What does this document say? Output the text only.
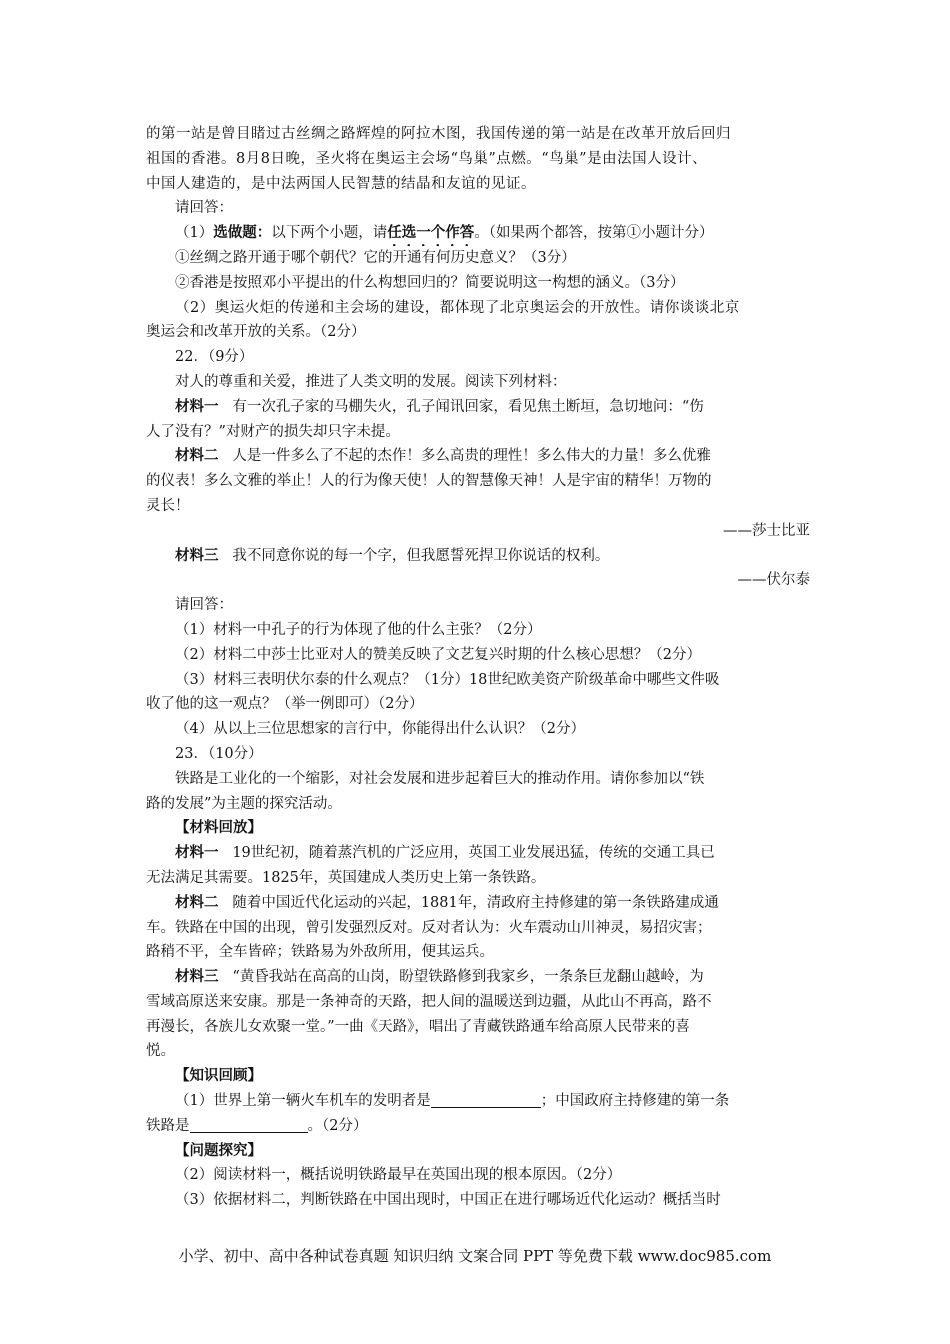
的第一站是曾目睹过古丝绸之路辉煌的阿拉木图，我国传递的第一站是在改革开放后回归
祖国的香港。8月8日晚，圣火将在奥运主会场“鸟巢”点燃。“鸟巢”是由法国人设计、
中国人建造的，是中法两国人民智慧的结晶和友谊的见证。
请回答：
（1）选做题：以下两个小题，请任选一个作答。（如果两个都答，按第①小题计分）
①丝绸之路开通于哪个朝代？它的开通有何历史意义？（3分）
②香港是按照邓小平提出的什么构想回归的？简要说明这一构想的涵义。（3分）
（2）奥运火炬的传递和主会场的建设，都体现了北京奥运会的开放性。请你谈谈北京
奥运会和改革开放的关系。（2分）
22．（9分）
对人的尊重和关爱，推进了人类文明的发展。阅读下列材料：
材料一 有一次孔子家的马棚失火，孔子闻讯回家，看见焦土断垣，急切地问：“伤
人了没有？”对财产的损失却只字未提。
材料二 人是一件多么了不起的杰作！多么高贵的理性！多么伟大的力量！多么优雅
的仪表！多么文雅的举止！人的行为像天使！人的智慧像天神！人是宇宙的精华！万物的
灵长！
——莎士比亚
材料三 我不同意你说的每一个字，但我愿誓死捍卫你说话的权利。
——伏尔泰
请回答：
（1）材料一中孔子的行为体现了他的什么主张？（2分）
（2）材料二中莎士比亚对人的赞美反映了文艺复兴时期的什么核心思想？（2分）
（3）材料三表明伏尔泰的什么观点？（1分）18世纪欧美资产阶级革命中哪些文件吸
收了他的这一观点？（举一例即可）（2分）
（4）从以上三位思想家的言行中，你能得出什么认识？（2分）
23．（10分）
铁路是工业化的一个缩影，对社会发展和进步起着巨大的推动作用。请你参加以“铁
路的发展”为主题的探究活动。
【材料回放】
材料一 19世纪初，随着蒸汽机的广泛应用，英国工业发展迅猛，传统的交通工具已
无法满足其需要。1825年，英国建成人类历史上第一条铁路。
材料二 随着中国近代化运动的兴起，1881年，清政府主持修建的第一条铁路建成通
车。铁路在中国的出现，曾引发强烈反对。反对者认为：火车震动山川神灵，易招灾害；
路稍不平，全车皆碎；铁路易为外敌所用，便其运兵。
材料三 “黄昏我站在高高的山岗，盼望铁路修到我家乡，一条条巨龙翻山越岭，为
雪域高原送来安康。那是一条神奇的天路，把人间的温暖送到边疆，从此山不再高，路不
再漫长，各族儿女欢聚一堂。”一曲《天路》，唱出了青藏铁路通车给高原人民带来的喜
悦。
【知识回顾】
（1）世界上第一辆火车机车的发明者是	；中国政府主持修建的第一条
铁路是	。（2分）
【问题探究】
（2）阅读材料一，概括说明铁路最早在英国出现的根本原因。（2分）
（3）依据材料二，判断铁路在中国出现时，中国正在进行哪场近代化运动？概括当时
小学、初中、高中各种试卷真题 知识归纳 文案合同 PPT 等免费下载 www.doc985.com
